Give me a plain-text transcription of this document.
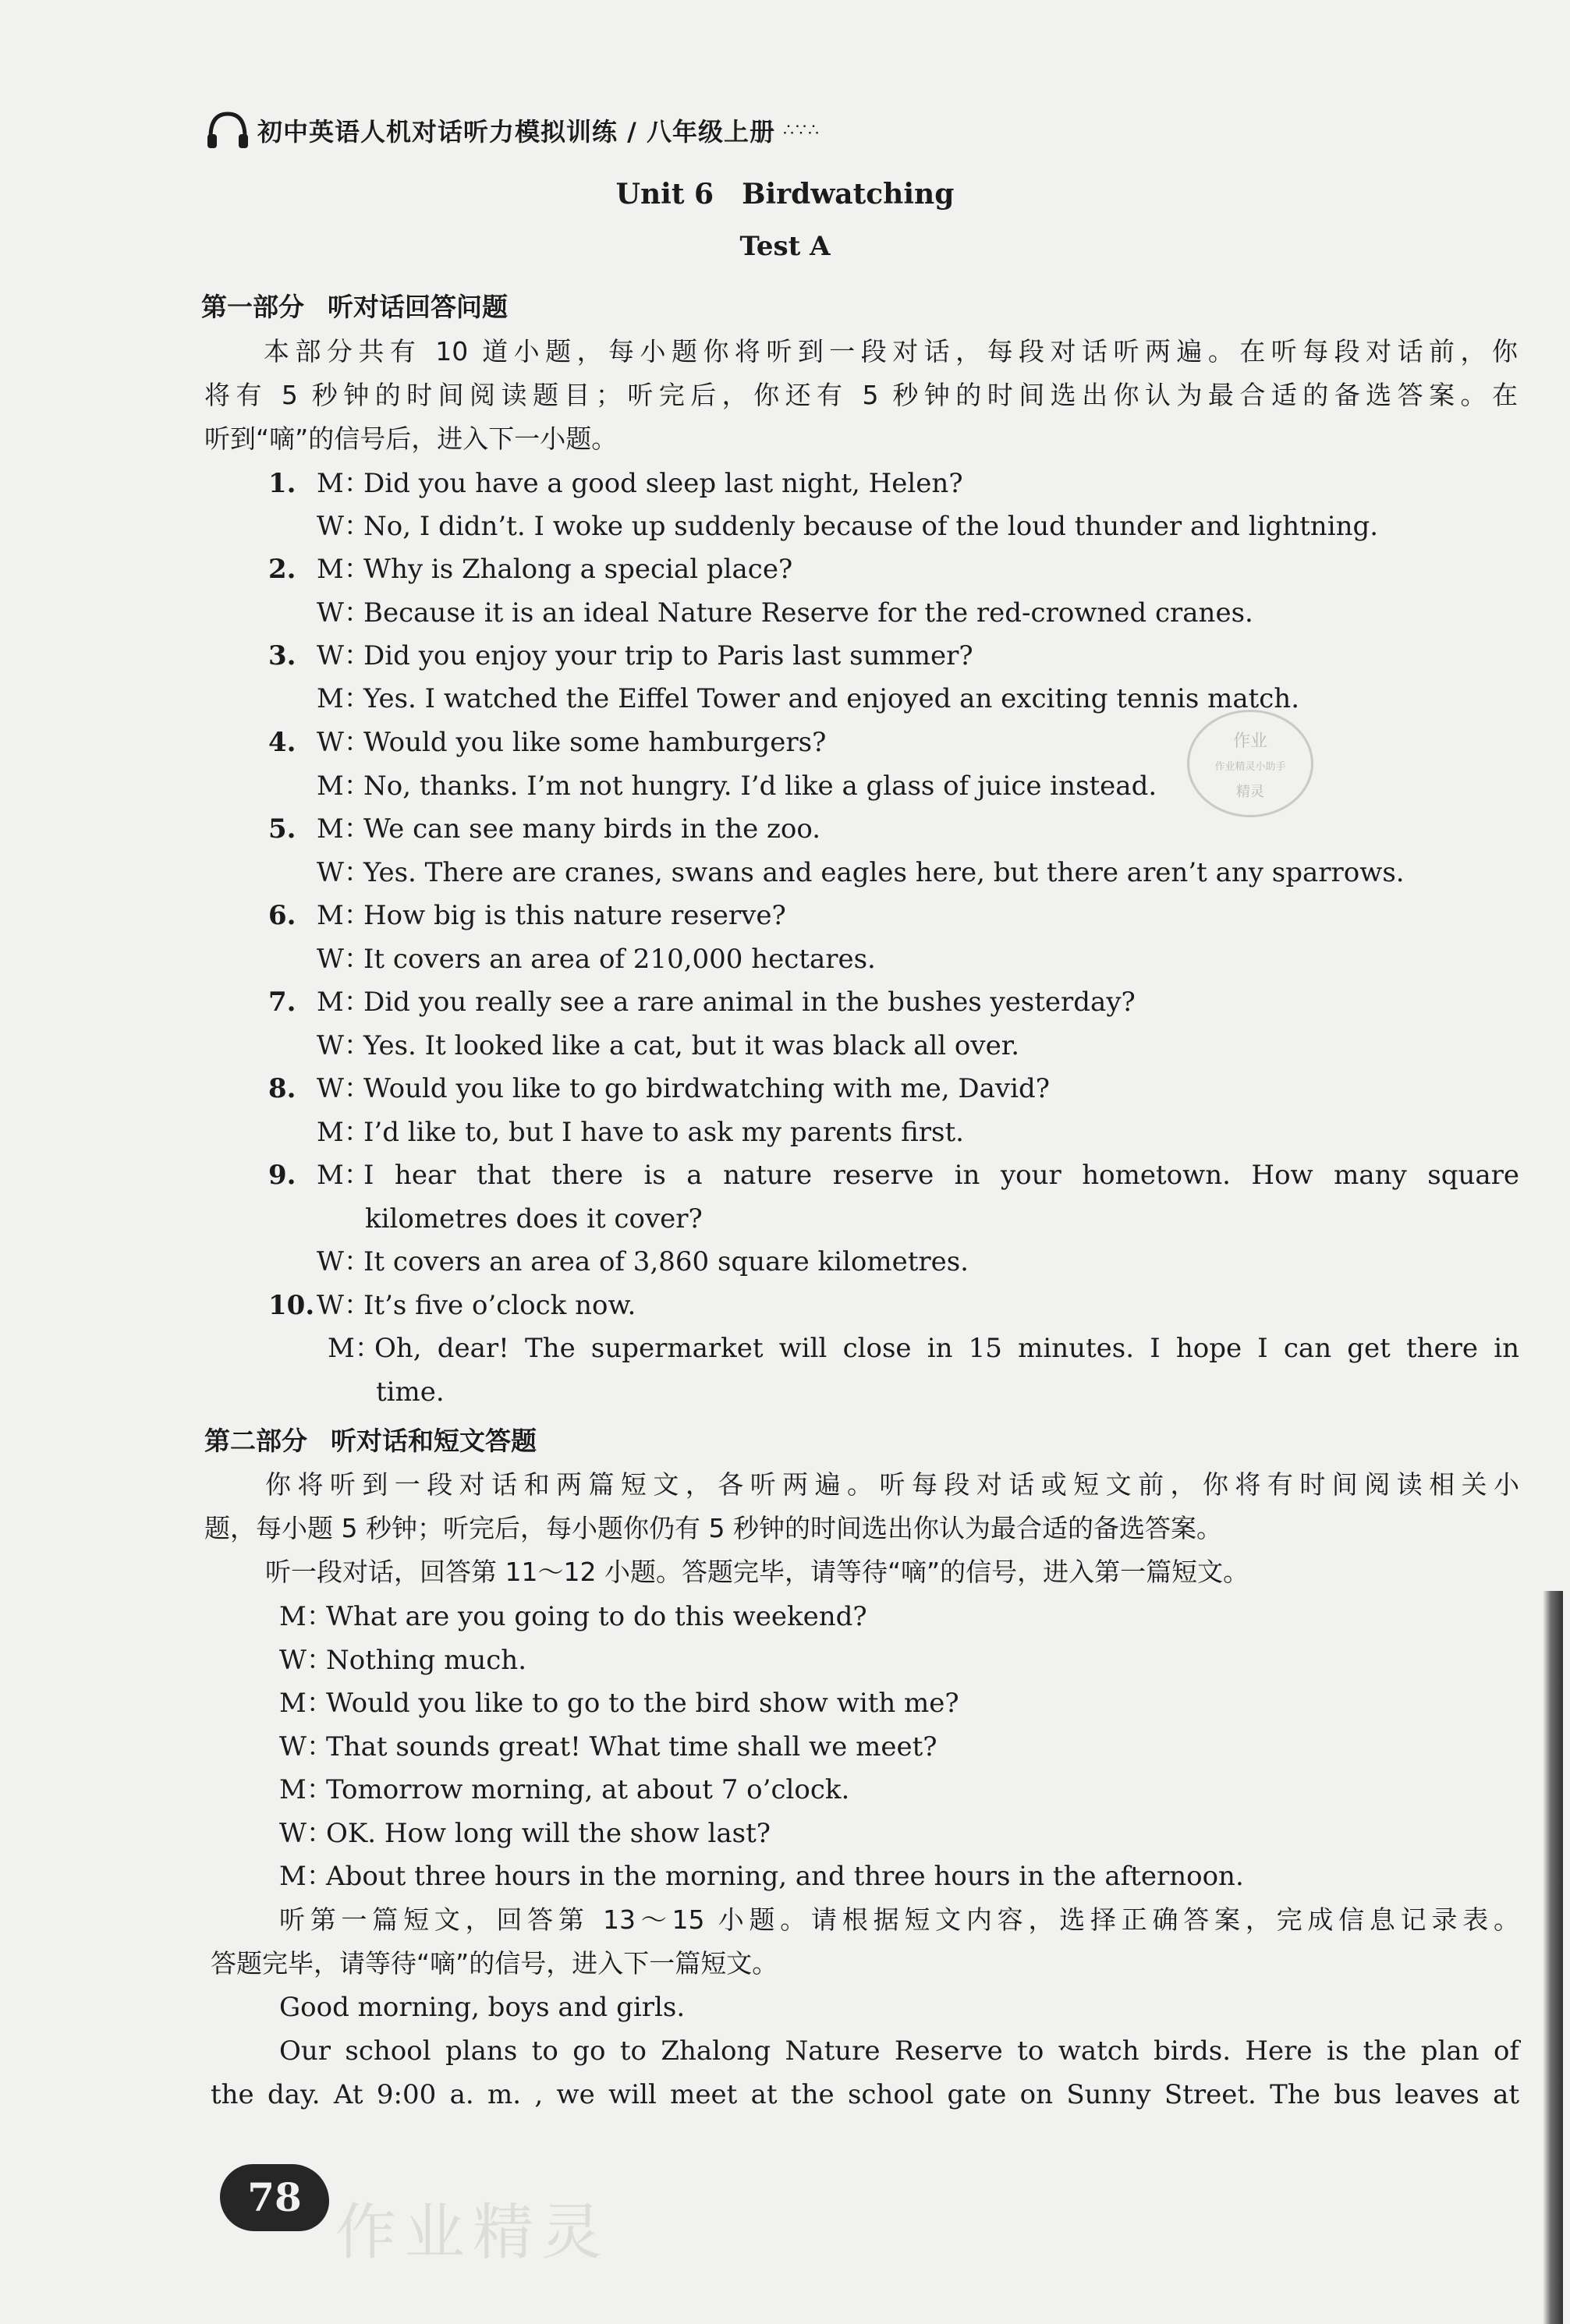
初中英语人机对话听力模拟训练 / 八年级上册 ∴∵∴
Unit 6 Birdwatching
Test A
第一部分 听对话回答问题
本部分共有 10 道小题，每小题你将听到一段对话，每段对话听两遍。在听每段对话前，你
将有 5 秒钟的时间阅读题目；听完后，你还有 5 秒钟的时间选出你认为最合适的备选答案。在
听到“嘀”的信号后，进入下一小题。
1. M：Did you have a good sleep last night, Helen?
W：No, I didn’t. I woke up suddenly because of the loud thunder and lightning.
2. M：Why is Zhalong a special place?
W：Because it is an ideal Nature Reserve for the red-crowned cranes.
3. W：Did you enjoy your trip to Paris last summer?
M：Yes. I watched the Eiffel Tower and enjoyed an exciting tennis match.
4. W：Would you like some hamburgers?
M：No, thanks. I’m not hungry. I’d like a glass of juice instead.
5. M：We can see many birds in the zoo.
W：Yes. There are cranes, swans and eagles here, but there aren’t any sparrows.
6. M：How big is this nature reserve?
W：It covers an area of 210,000 hectares.
7. M：Did you really see a rare animal in the bushes yesterday?
W：Yes. It looked like a cat, but it was black all over.
8. W：Would you like to go birdwatching with me, David?
M：I’d like to, but I have to ask my parents first.
9. M：I hear that there is a nature reserve in your hometown. How many square
kilometres does it cover?
W：It covers an area of 3,860 square kilometres.
10.W：It’s five o’clock now.
M：Oh, dear! The supermarket will close in 15 minutes. I hope I can get there in
time.
第二部分 听对话和短文答题
你将听到一段对话和两篇短文，各听两遍。听每段对话或短文前，你将有时间阅读相关小
题，每小题 5 秒钟；听完后，每小题你仍有 5 秒钟的时间选出你认为最合适的备选答案。
听一段对话，回答第 11～12 小题。答题完毕，请等待“嘀”的信号，进入第一篇短文。
M：What are you going to do this weekend?
W：Nothing much.
M：Would you like to go to the bird show with me?
W：That sounds great! What time shall we meet?
M：Tomorrow morning, at about 7 o’clock.
W：OK. How long will the show last?
M：About three hours in the morning, and three hours in the afternoon.
听第一篇短文，回答第 13～15 小题。请根据短文内容，选择正确答案，完成信息记录表。
答题完毕，请等待“嘀”的信号，进入下一篇短文。
Good morning, boys and girls.
Our school plans to go to Zhalong Nature Reserve to watch birds. Here is the plan of
the day. At 9:00 a. m. , we will meet at the school gate on Sunny Street. The bus leaves at
作业
作业精灵小助手
精灵
78
作业精灵
